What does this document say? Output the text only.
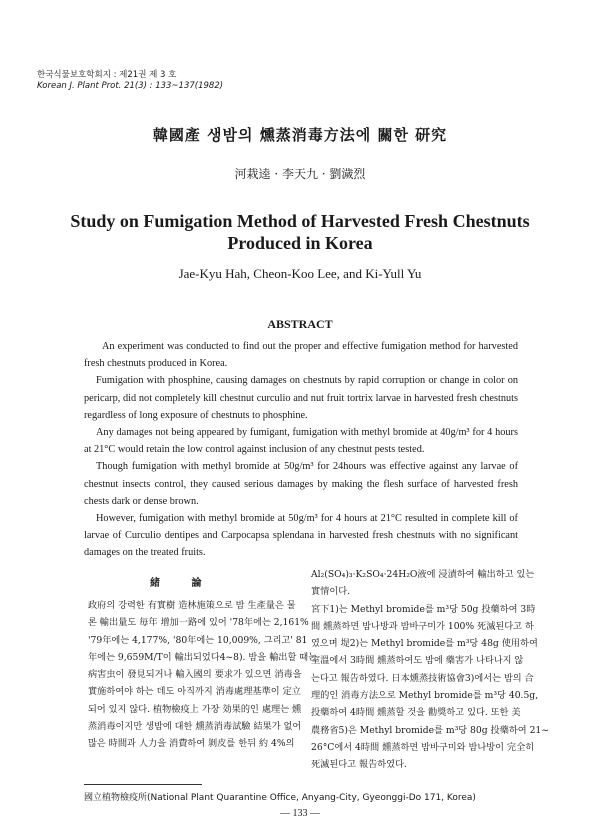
한국식물보호학회지 : 제21권 제 3 호
Korean J. Plant Prot. 21(3) : 133~137(1982)
韓國產 생밤의 燻蒸消毒方法에 關한 研究
河栽逵 · 李天九 · 劉濊烈
Study on Fumigation Method of Harvested Fresh Chestnuts Produced in Korea
Jae-Kyu Hah, Cheon-Koo Lee, and Ki-Yull Yu
ABSTRACT

An experiment was conducted to find out the proper and effective fumigation method for harvested fresh chestnuts produced in Korea.

Fumigation with phosphine, causing damages on chestnuts by rapid corruption or change in color on pericarp, did not completely kill chestnut curculio and nut fruit tortrix larvae in harvested fresh chestnuts regardless of long exposure of chestnuts to phosphine.

Any damages not being appeared by fumigant, fumigation with methyl bromide at 40g/m³ for 4 hours at 21°C would retain the low control against inclusion of any chestnut pests tested.

Though fumigation with methyl bromide at 50g/m³ for 24hours was effective against any larvae of chestnut insects control, they caused serious damages by making the flesh surface of harvested fresh chests dark or dense brown.

However, fumigation with methyl bromide at 50g/m³ for 4 hours at 21°C resulted in complete kill of larvae of Curculio dentipes and Carpocapsa splendana in harvested fresh chestnuts with no significant damages on the treated fruits.

緒 論
政府의 강력한 有實樹 造林施策으로 밤 生產量은 물
론 輸出量도 毎年 增加一路에 있어 '78年에는 2,161%
'79年에는 4,177%, '80年에는 10,009%, 그리고' 81
年에는 9,659M/T이 輸出되었다4~8). 밤을 輸出할 때는
病害虫이 發見되거나 輸入國의 要求가 있으면 消毒을
實施하여야 하는 데도 아직까지 消毒處理基準이 定立
되어 있지 않다. 植物檢疫上 가장 効果的인 處理는 燻
蒸消毒이지만 생밤에 대한 燻蒸消毒試驗 結果가 없어
많은 時間과 人力을 消費하여 剝皮를 한뒤 約 4%의
Al₂(SO₄)₃·K₂SO₄·24H₂O液에 浸漬하여 輸出하고 있는
實情이다.
宮下1)는 Methyl bromide를 m³당 50g 投藥하여 3時
間 燻蒸하면 밤나방과 밤바구미가 100% 死滅된다고 하
였으며 堤2)는 Methyl bromide를 m³당 48g 使用하여
室溫에서 3時間 燻蒸하여도 밤에 藥害가 나타나지 않
는다고 報告하였다. 日本燻蒸技術協會3)에서는 밤의 合
理的인 消毒方法으로 Methyl bromide를 m³당 40.5g,
投藥하여 4時間 燻蒸할 것을 勸獎하고 있다. 또한 美
農務省5)은 Methyl bromide를 m³당 80g 投藥하여 21~
26°C에서 4時間 燻蒸하면 밤바구미와 밤나방이 完全히
死滅된다고 報告하였다.
國立植物檢疫所(National Plant Quarantine Office, Anyang-City, Gyeonggi-Do 171, Korea)
— 133 —
